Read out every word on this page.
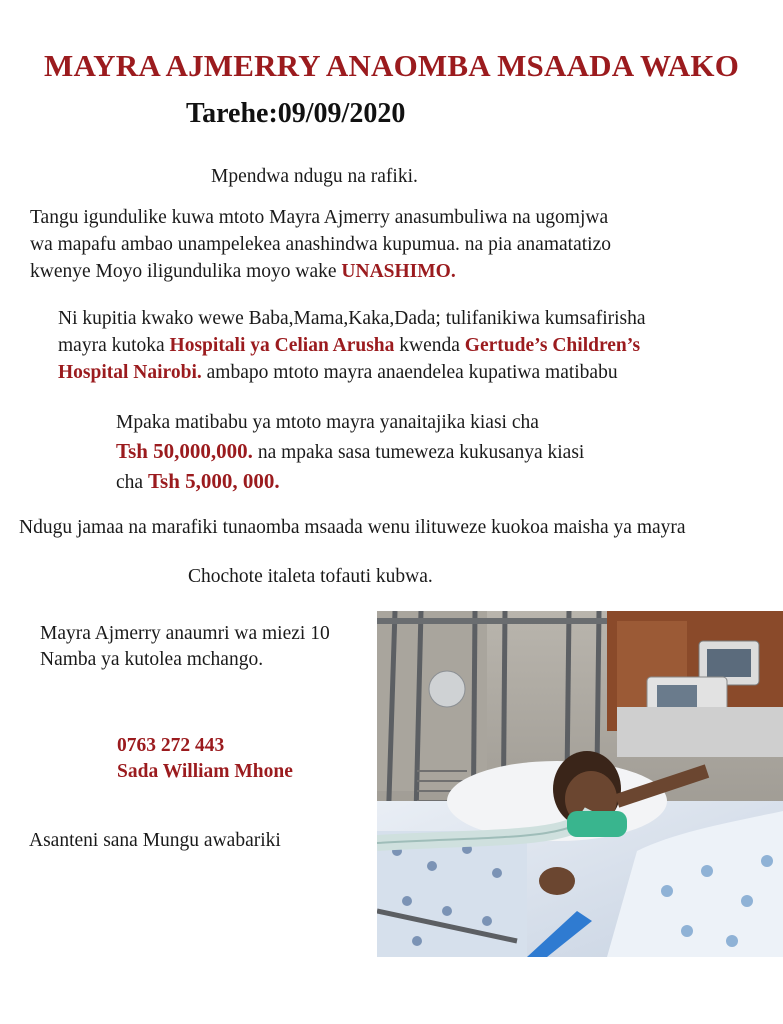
MAYRA AJMERRY ANAOMBA MSAADA WAKO
Tarehe:09/09/2020
Mpendwa ndugu na rafiki.
Tangu igundulike kuwa mtoto Mayra Ajmerry anasumbuliwa na ugomjwa
wa mapafu ambao unampelekea anashindwa kupumua. na pia anamatatizo
kwenye Moyo iligundulika moyo wake UNASHIMO.
Ni kupitia kwako wewe Baba,Mama,Kaka,Dada; tulifanikiwa kumsafirisha
mayra kutoka Hospitali ya Celian Arusha kwenda Gertude’s Children’s
Hospital Nairobi. ambapo mtoto mayra anaendelea kupatiwa matibabu
Mpaka matibabu ya mtoto mayra yanaitajika kiasi cha
Tsh 50,000,000. na mpaka sasa tumeweza kukusanya kiasi
cha Tsh 5,000, 000.
Ndugu jamaa na marafiki tunaomba msaada wenu ilituweze kuokoa maisha ya mayra
Chochote italeta tofauti kubwa.
Mayra Ajmerry anaumri wa miezi 10
Namba ya kutolea mchango.
0763 272 443
Sada William Mhone
Asanteni sana Mungu awabariki
